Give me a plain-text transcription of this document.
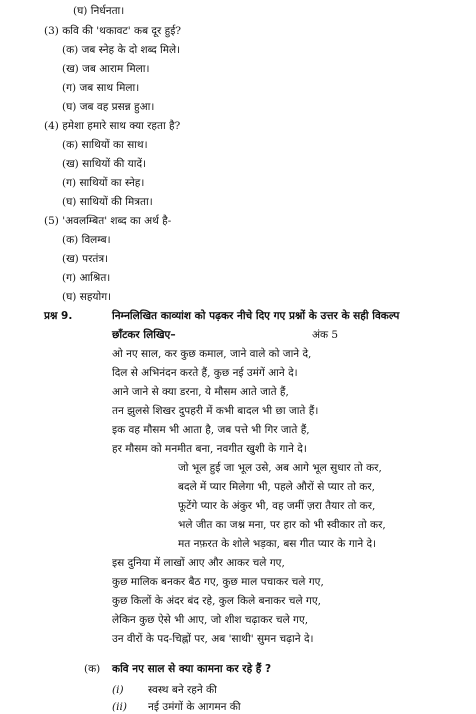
(घ) निर्धनता।
(3) कवि की 'थकावट' कब दूर हुई?
(क) जब स्नेह के दो शब्द मिले।
(ख) जब आराम मिला।
(ग) जब साथ मिला।
(घ) जब वह प्रसन्न हुआ।
(4) हमेशा हमारे साथ क्या रहता है?
(क) साथियों का साथ।
(ख) साथियों की यादें।
(ग) साथियों का स्नेह।
(घ) साथियों की मित्रता।
(5) 'अवलम्बित' शब्द का अर्थ है-
(क) विलम्ब।
(ख) परतंत्र।
(ग) आश्रित।
(घ) सहयोग।
प्रश्न 9.	निम्नलिखित काव्यांश को पढ़कर नीचे दिए गए प्रश्नों के उत्तर के सही विकल्प
छाँटकर लिखिए–	अंक 5
ओ नए साल, कर कुछ कमाल, जाने वाले को जाने दे,
दिल से अभिनंदन करते हैं, कुछ नई उमंगें आने दे।
आने जाने से क्या डरना, ये मौसम आते जाते हैं,
तन झुलसे शिखर दुपहरी में कभी बादल भी छा जाते हैं।
इक वह मौसम भी आता है, जब पत्ते भी गिर जाते हैं,
हर मौसम को मनमीत बना, नवगीत खुशी के गाने दे।
जो भूल हुई जा भूल उसे, अब आगे भूल सुधार तो कर,
बदले में प्यार मिलेगा भी, पहले औरों से प्यार तो कर,
फूटेंगे प्यार के अंकुर भी, वह जमीं ज़रा तैयार तो कर,
भले जीत का जश्न मना, पर हार को भी स्वीकार तो कर,
मत नफ़रत के शोले भड़का, बस गीत प्यार के गाने दे।
इस दुनिया में लाखों आए और आकर चले गए,
कुछ मालिक बनकर बैठ गए, कुछ माल पचाकर चले गए,
कुछ किलों के अंदर बंद रहे, कुल किले बनाकर चले गए,
लेकिन कुछ ऐसे भी आए, जो शीश चढ़ाकर चले गए,
उन वीरों के पद-चिह्नों पर, अब 'साथी' सुमन चढ़ाने दे।
(क) कवि नए साल से क्या कामना कर रहे हैं ?
(i) स्वस्थ बने रहने की
(ii) नई उमंगों के आगमन की
